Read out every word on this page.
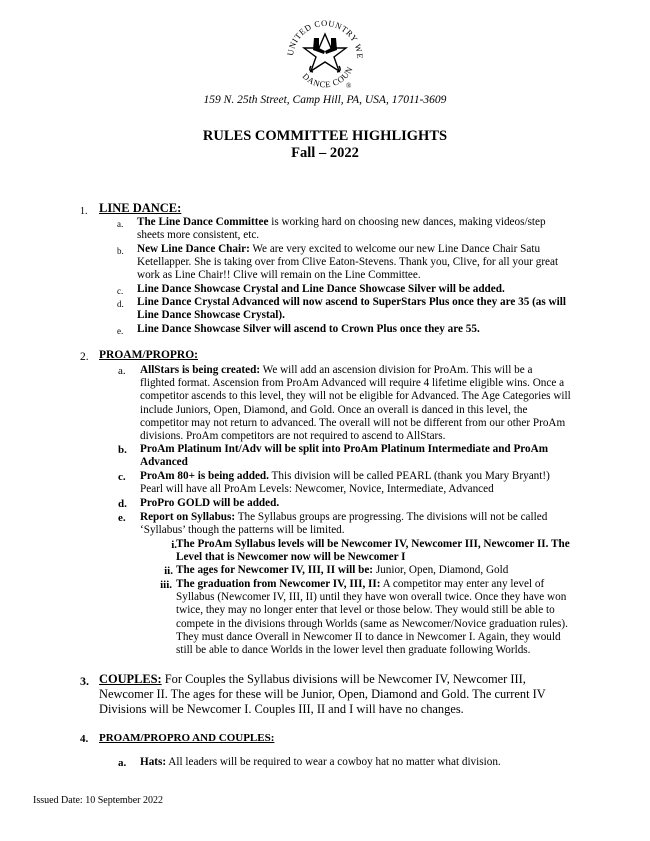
UNITED COUNTRY WE
DANCE COUN
®
159 N. 25th Street, Camp Hill, PA, USA, 17011-3609
RULES COMMITTEE HIGHLIGHTS
Fall – 2022
1. LINE DANCE:
a. The Line Dance Committee is working hard on choosing new dances, making videos/step
sheets more consistent, etc.
b. New Line Dance Chair: We are very excited to welcome our new Line Dance Chair Satu
Ketellapper. She is taking over from Clive Eaton-Stevens. Thank you, Clive, for all your great
work as Line Chair!! Clive will remain on the Line Committee.
c. Line Dance Showcase Crystal and Line Dance Showcase Silver will be added.
d. Line Dance Crystal Advanced will now ascend to SuperStars Plus once they are 35 (as will
Line Dance Showcase Crystal).
e. Line Dance Showcase Silver will ascend to Crown Plus once they are 55.
2. PROAM/PROPRO:
a. AllStars is being created: We will add an ascension division for ProAm. This will be a
flighted format. Ascension from ProAm Advanced will require 4 lifetime eligible wins. Once a
competitor ascends to this level, they will not be eligible for Advanced. The Age Categories will
include Juniors, Open, Diamond, and Gold. Once an overall is danced in this level, the
competitor may not return to advanced. The overall will not be different from our other ProAm
divisions. ProAm competitors are not required to ascend to AllStars.
b. ProAm Platinum Int/Adv will be split into ProAm Platinum Intermediate and ProAm
Advanced
c. ProAm 80+ is being added. This division will be called PEARL (thank you Mary Bryant!)
Pearl will have all ProAm Levels: Newcomer, Novice, Intermediate, Advanced
d. ProPro GOLD will be added.
e. Report on Syllabus: The Syllabus groups are progressing. The divisions will not be called
‘Syllabus’ though the patterns will be limited.
i. The ProAm Syllabus levels will be Newcomer IV, Newcomer III, Newcomer II. The
Level that is Newcomer now will be Newcomer I
ii. The ages for Newcomer IV, III, II will be: Junior, Open, Diamond, Gold
iii. The graduation from Newcomer IV, III, II: A competitor may enter any level of
Syllabus (Newcomer IV, III, II) until they have won overall twice. Once they have won
twice, they may no longer enter that level or those below. They would still be able to
compete in the divisions through Worlds (same as Newcomer/Novice graduation rules).
They must dance Overall in Newcomer II to dance in Newcomer I. Again, they would
still be able to dance Worlds in the lower level then graduate following Worlds.
3. COUPLES: For Couples the Syllabus divisions will be Newcomer IV, Newcomer III,
Newcomer II. The ages for these will be Junior, Open, Diamond and Gold. The current IV
Divisions will be Newcomer I. Couples III, II and I will have no changes.
4. PROAM/PROPRO AND COUPLES:
a. Hats: All leaders will be required to wear a cowboy hat no matter what division.
Issued Date: 10 September 2022
